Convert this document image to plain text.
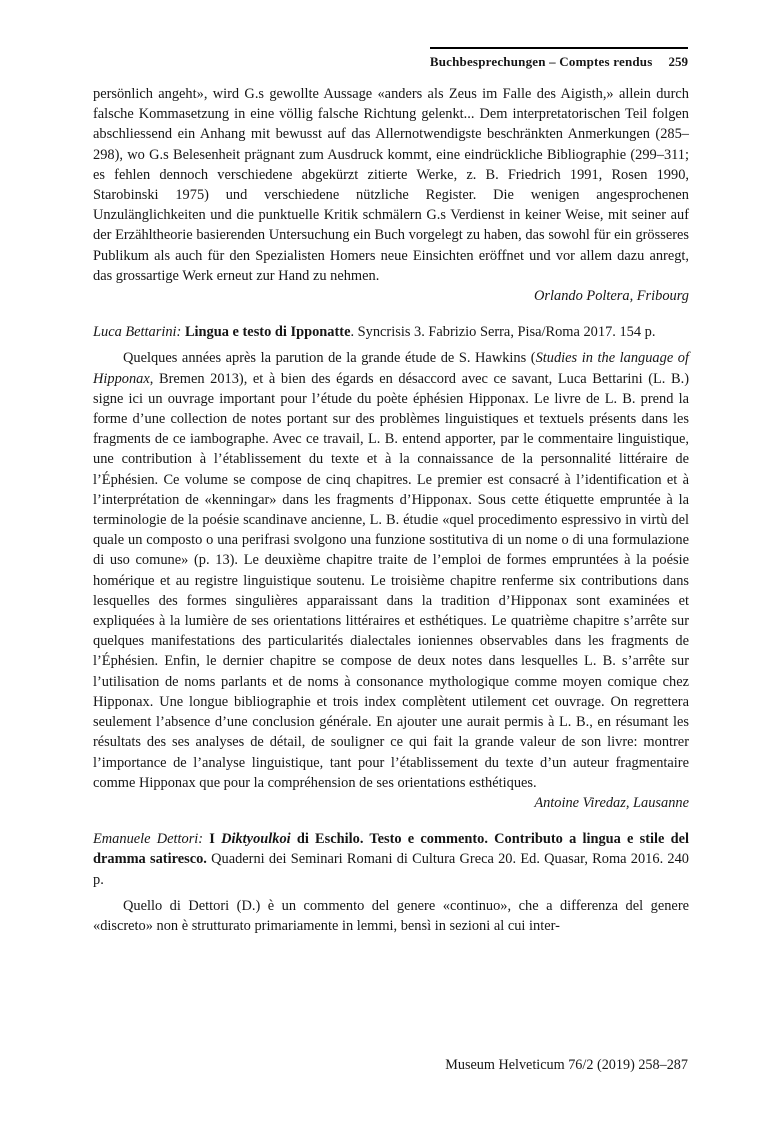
Buchbesprechungen – Comptes rendus 259

persönlich angeht», wird G.s gewollte Aussage «anders als Zeus im Falle des Aigisth,» allein durch falsche Kommasetzung in eine völlig falsche Richtung gelenkt... Dem interpretatorischen Teil folgen abschliessend ein Anhang mit bewusst auf das Allernotwendigste beschränkten Anmerkungen (285–298), wo G.s Belesenheit prägnant zum Ausdruck kommt, eine eindrückliche Bibliographie (299–311; es fehlen dennoch verschiedene abgekürzt zitierte Werke, z. B. Friedrich 1991, Rosen 1990, Starobinski 1975) und verschiedene nützliche Register. Die wenigen angesprochenen Unzulänglichkeiten und die punktuelle Kritik schmälern G.s Verdienst in keiner Weise, mit seiner auf der Erzähltheorie basierenden Untersuchung ein Buch vorgelegt zu haben, das sowohl für ein grösseres Publikum als auch für den Spezialisten Homers neue Einsichten eröffnet und vor allem dazu anregt, das grossartige Werk erneut zur Hand zu nehmen.

Orlando Poltera, Fribourg

Luca Bettarini: Lingua e testo di Ipponatte. Syncrisis 3. Fabrizio Serra, Pisa/Roma 2017. 154 p.

Quelques années après la parution de la grande étude de S. Hawkins (Studies in the language of Hipponax, Bremen 2013), et à bien des égards en désaccord avec ce savant, Luca Bettarini (L. B.) signe ici un ouvrage important pour l’étude du poète éphésien Hipponax. Le livre de L. B. prend la forme d’une collection de notes portant sur des problèmes linguistiques et textuels présents dans les fragments de ce iambographe. Avec ce travail, L. B. entend apporter, par le commentaire linguistique, une contribution à l’établissement du texte et à la connaissance de la personnalité littéraire de l’Éphésien. Ce volume se compose de cinq chapitres. Le premier est consacré à l’identification et à l’interprétation de «kenningar» dans les fragments d’Hipponax. Sous cette étiquette empruntée à la terminologie de la poésie scandinave ancienne, L. B. étudie «quel procedimento espressivo in virtù del quale un composto o una perifrasi svolgono una funzione sostitutiva di un nome o di una formulazione di uso comune» (p. 13). Le deuxième chapitre traite de l’emploi de formes empruntées à la poésie homérique et au registre linguistique soutenu. Le troisième chapitre renferme six contributions dans lesquelles des formes singulières apparaissant dans la tradition d’Hipponax sont examinées et expliquées à la lumière de ses orientations littéraires et esthétiques. Le quatrième chapitre s’arrête sur quelques manifestations des particularités dialectales ioniennes observables dans les fragments de l’Éphésien. Enfin, le dernier chapitre se compose de deux notes dans lesquelles L. B. s’arrête sur l’utilisation de noms parlants et de noms à consonance mythologique comme moyen comique chez Hipponax. Une longue bibliographie et trois index complètent utilement cet ouvrage. On regrettera seulement l’absence d’une conclusion générale. En ajouter une aurait permis à L. B., en résumant les résultats des ses analyses de détail, de souligner ce qui fait la grande valeur de son livre: montrer l’importance de l’analyse linguistique, tant pour l’établissement du texte d’un auteur fragmentaire comme Hipponax que pour la compréhension de ses orientations esthétiques.

Antoine Viredaz, Lausanne

Emanuele Dettori: I Diktyoulkoi di Eschilo. Testo e commento. Contributo a lingua e stile del dramma satiresco. Quaderni dei Seminari Romani di Cultura Greca 20. Ed. Quasar, Roma 2016. 240 p.

Quello di Dettori (D.) è un commento del genere «continuo», che a differenza del genere «discreto» non è strutturato primariamente in lemmi, bensì in sezioni al cui inter-

Museum Helveticum 76/2 (2019) 258–287
